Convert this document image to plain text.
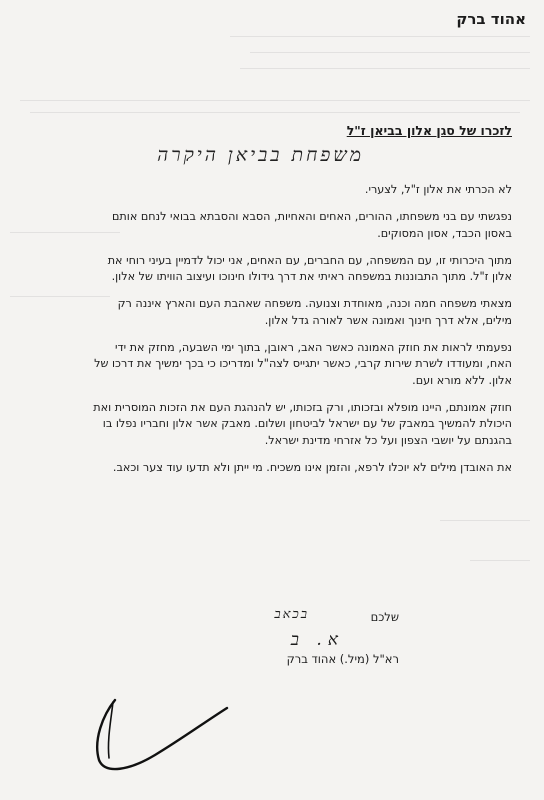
אהוד ברק
לזכרו של סגן אלון בביאן ז"ל
משפחת בביאן היקרה

לא הכרתי את אלון ז"ל, לצערי.

נפגשתי עם בני משפחתו, ההורים, האחים והאחיות, הסבא והסבתא בבואי לנחם אותם באסון הכבד, אסון המסוקים.

מתוך היכרותי זו, עם המשפחה, עם החברים, עם האחים, אני יכול לדמיין בעיני רוחי את אלון ז"ל. מתוך התבוננות במשפחה ראיתי את דרך גידולו חינוכו ועיצוב הוויתו של אלון.

מצאתי משפחה חמה וכנה, מאוחדת וצנועה. משפחה שאהבת העם והארץ איננה רק מילים, אלא דרך חינוך ואמונה אשר לאורה גדל אלון.

נפעמתי לראות את חוזק האמונה כאשר האב, ראובן, בתוך ימי השבעה, מחזק את ידי האח, ומעודדו לשרת שירות קרבי, כאשר יתגייס לצה"ל ומדריכו כי בכך ימשיך את דרכו של אלון. ללא מורא ועם.

חוזק אמונתם, היינו מופלא ובזכותו, ורק בזכותו, יש להנהגת העם את הזכות המוסרית ואת היכולת להמשיך במאבק של עם ישראל לביטחון ושלום. מאבק אשר אלון וחבריו נפלו בו בהגנתם על יושבי הצפון ועל כל אזרחי מדינת ישראל.

את האובדן מילים לא יוכלו לרפא, והזמן אינו משכיח. מי ייתן ולא תדעו עוד צער וכאב.

שלכם
בכאב
א. ב
רא"ל (מיל.) אהוד ברק
